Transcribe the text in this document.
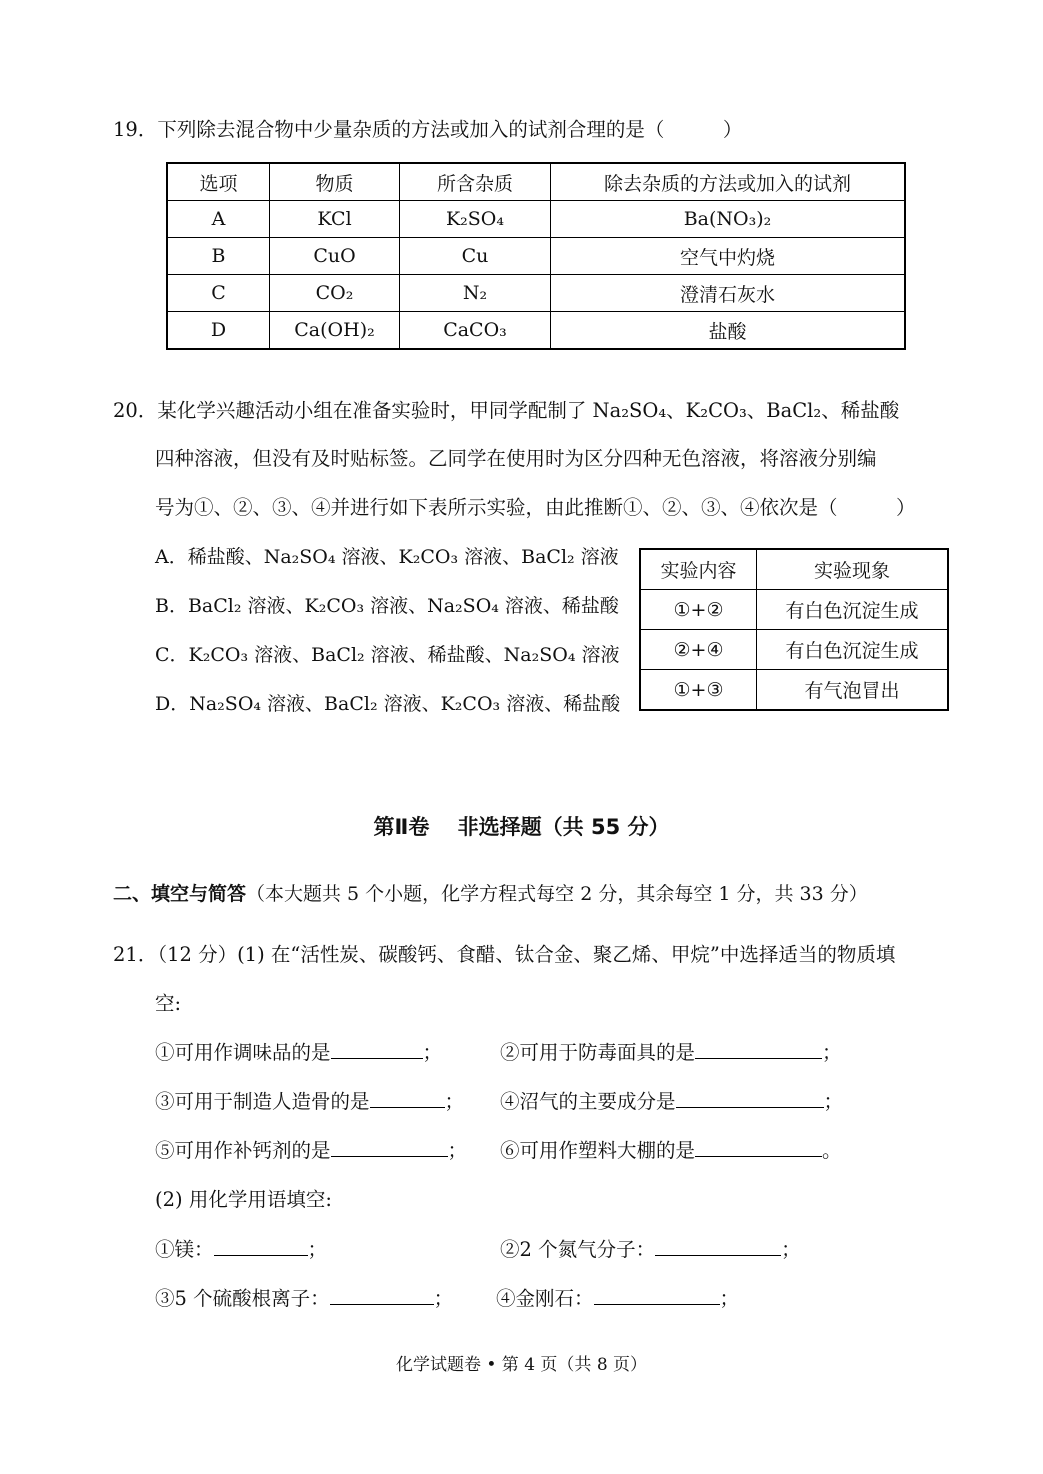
19．下列除去混合物中少量杂质的方法或加入的试剂合理的是（　　　）
选项	物质	所含杂质	除去杂质的方法或加入的试剂
A	KCl	K₂SO₄	Ba(NO₃)₂
B	CuO	Cu	空气中灼烧
C	CO₂	N₂	澄清石灰水
D	Ca(OH)₂	CaCO₃	盐酸
20．某化学兴趣活动小组在准备实验时，甲同学配制了 Na₂SO₄、K₂CO₃、BaCl₂、稀盐酸
四种溶液，但没有及时贴标签。乙同学在使用时为区分四种无色溶液，将溶液分别编
号为①、②、③、④并进行如下表所示实验，由此推断①、②、③、④依次是（　　　）
A．稀盐酸、Na₂SO₄ 溶液、K₂CO₃ 溶液、BaCl₂ 溶液
B．BaCl₂ 溶液、K₂CO₃ 溶液、Na₂SO₄ 溶液、稀盐酸
C．K₂CO₃ 溶液、BaCl₂ 溶液、稀盐酸、Na₂SO₄ 溶液
D．Na₂SO₄ 溶液、BaCl₂ 溶液、K₂CO₃ 溶液、稀盐酸
实验内容	实验现象
①+②	有白色沉淀生成
②+④	有白色沉淀生成
①+③	有气泡冒出
第Ⅱ卷　 非选择题（共 55 分）
二、填空与简答（本大题共 5 个小题，化学方程式每空 2 分，其余每空 1 分，共 33 分）
21．（12 分）(1) 在“活性炭、碳酸钙、食醋、钛合金、聚乙烯、甲烷”中选择适当的物质填
空:
①可用作调味品的是	；	②可用于防毒面具的是	；
③可用于制造人造骨的是	； ④沼气的主要成分是	；
⑤可用作补钙剂的是	； ⑥可用作塑料大棚的是	。
(2) 用化学用语填空:
①镁：	；	②2 个氮气分子：	；
③5 个硫酸根离子：	； ④金刚石：	；
化学试题卷 • 第 4 页（共 8 页）
